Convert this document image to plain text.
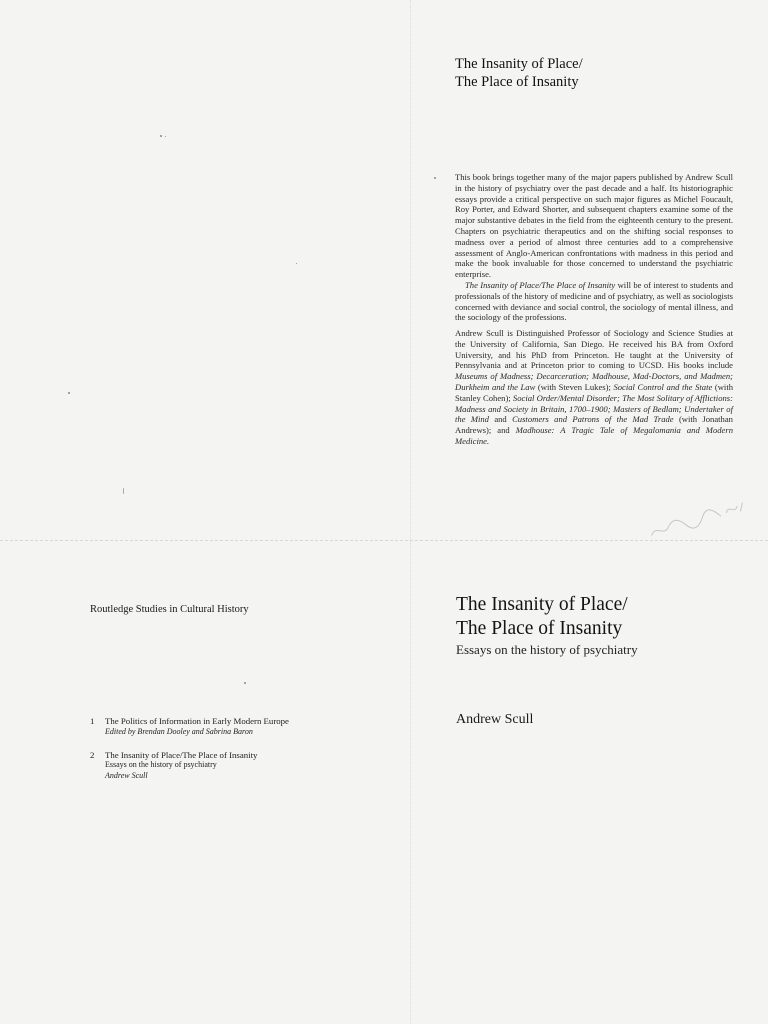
The Insanity of Place/
The Place of Insanity

This book brings together many of the major papers published by Andrew Scull in the history of psychiatry over the past decade and a half. Its historiographic essays provide a critical perspective on such major figures as Michel Foucault, Roy Porter, and Edward Shorter, and subsequent chapters examine some of the major substantive debates in the field from the eighteenth century to the present. Chapters on psychiatric therapeutics and on the shifting social responses to madness over a period of almost three centuries add to a comprehensive assessment of Anglo-American confrontations with madness in this period and make the book invaluable for those concerned to understand the psychiatric enterprise.

The Insanity of Place/The Place of Insanity will be of interest to students and professionals of the history of medicine and of psychiatry, as well as sociologists concerned with deviance and social control, the sociology of mental illness, and the sociology of the professions.

Andrew Scull is Distinguished Professor of Sociology and Science Studies at the University of California, San Diego. He received his BA from Oxford University, and his PhD from Princeton. He taught at the University of Pennsylvania and at Princeton prior to coming to UCSD. His books include Museums of Madness; Decarceration; Madhouse, Mad-Doctors, and Madmen; Durkheim and the Law (with Steven Lukes); Social Control and the State (with Stanley Cohen); Social Order/Mental Disorder; The Most Solitary of Afflictions: Madness and Society in Britain, 1700–1900; Masters of Bedlam; Undertaker of the Mind and Customers and Patrons of the Mad Trade (with Jonathan Andrews); and Madhouse: A Tragic Tale of Megalomania and Modern Medicine.

Routledge Studies in Cultural History
1	The Politics of Information in Early Modern Europe
Edited by Brendan Dooley and Sabrina Baron
2	The Insanity of Place/The Place of Insanity
Essays on the history of psychiatry
Andrew Scull
The Insanity of Place/
The Place of Insanity
Essays on the history of psychiatry
Andrew Scull
